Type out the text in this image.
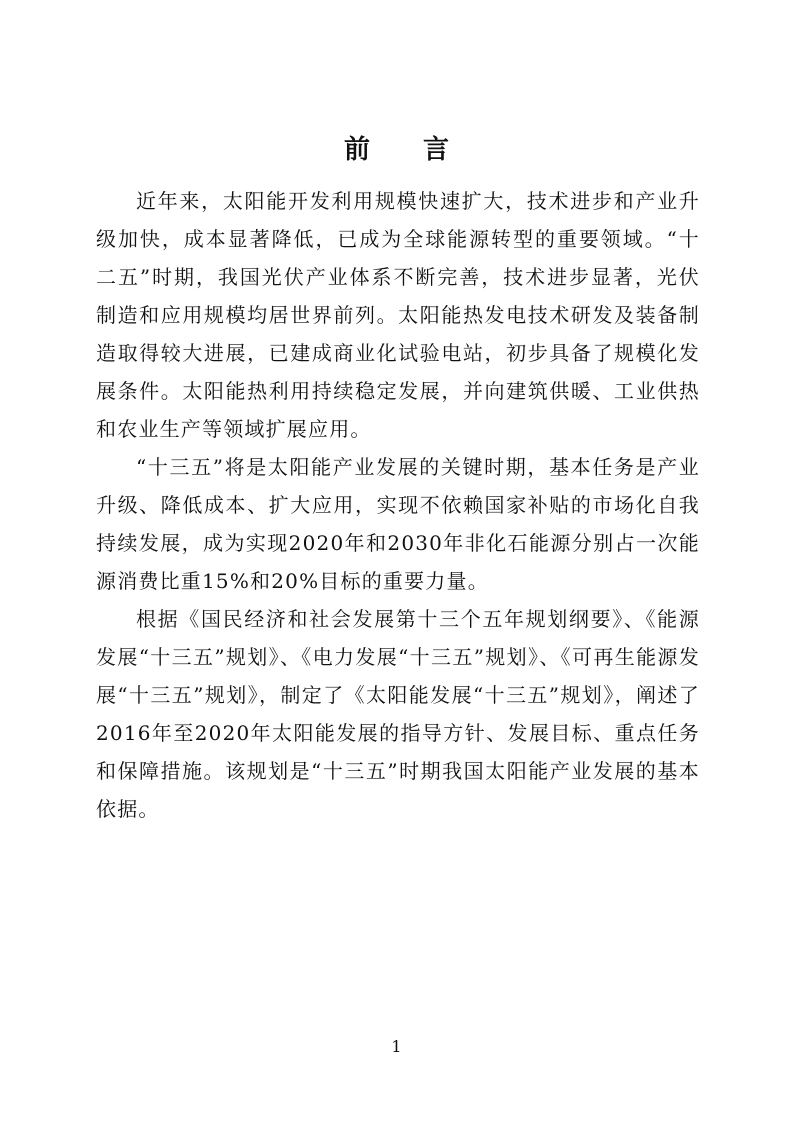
前 言

近年来，太阳能开发利用规模快速扩大，技术进步和产业升级加快，成本显著降低，已成为全球能源转型的重要领域。“十二五”时期，我国光伏产业体系不断完善，技术进步显著，光伏制造和应用规模均居世界前列。太阳能热发电技术研发及装备制造取得较大进展，已建成商业化试验电站，初步具备了规模化发展条件。太阳能热利用持续稳定发展，并向建筑供暖、工业供热和农业生产等领域扩展应用。

“十三五”将是太阳能产业发展的关键时期，基本任务是产业升级、降低成本、扩大应用，实现不依赖国家补贴的市场化自我持续发展，成为实现2020年和2030年非化石能源分别占一次能源消费比重15%和20%目标的重要力量。

根据《国民经济和社会发展第十三个五年规划纲要》、《能源发展“十三五”规划》、《电力发展“十三五”规划》、《可再生能源发展“十三五”规划》，制定了《太阳能发展“十三五”规划》，阐述了2016年至2020年太阳能发展的指导方针、发展目标、重点任务和保障措施。该规划是“十三五”时期我国太阳能产业发展的基本依据。

1
